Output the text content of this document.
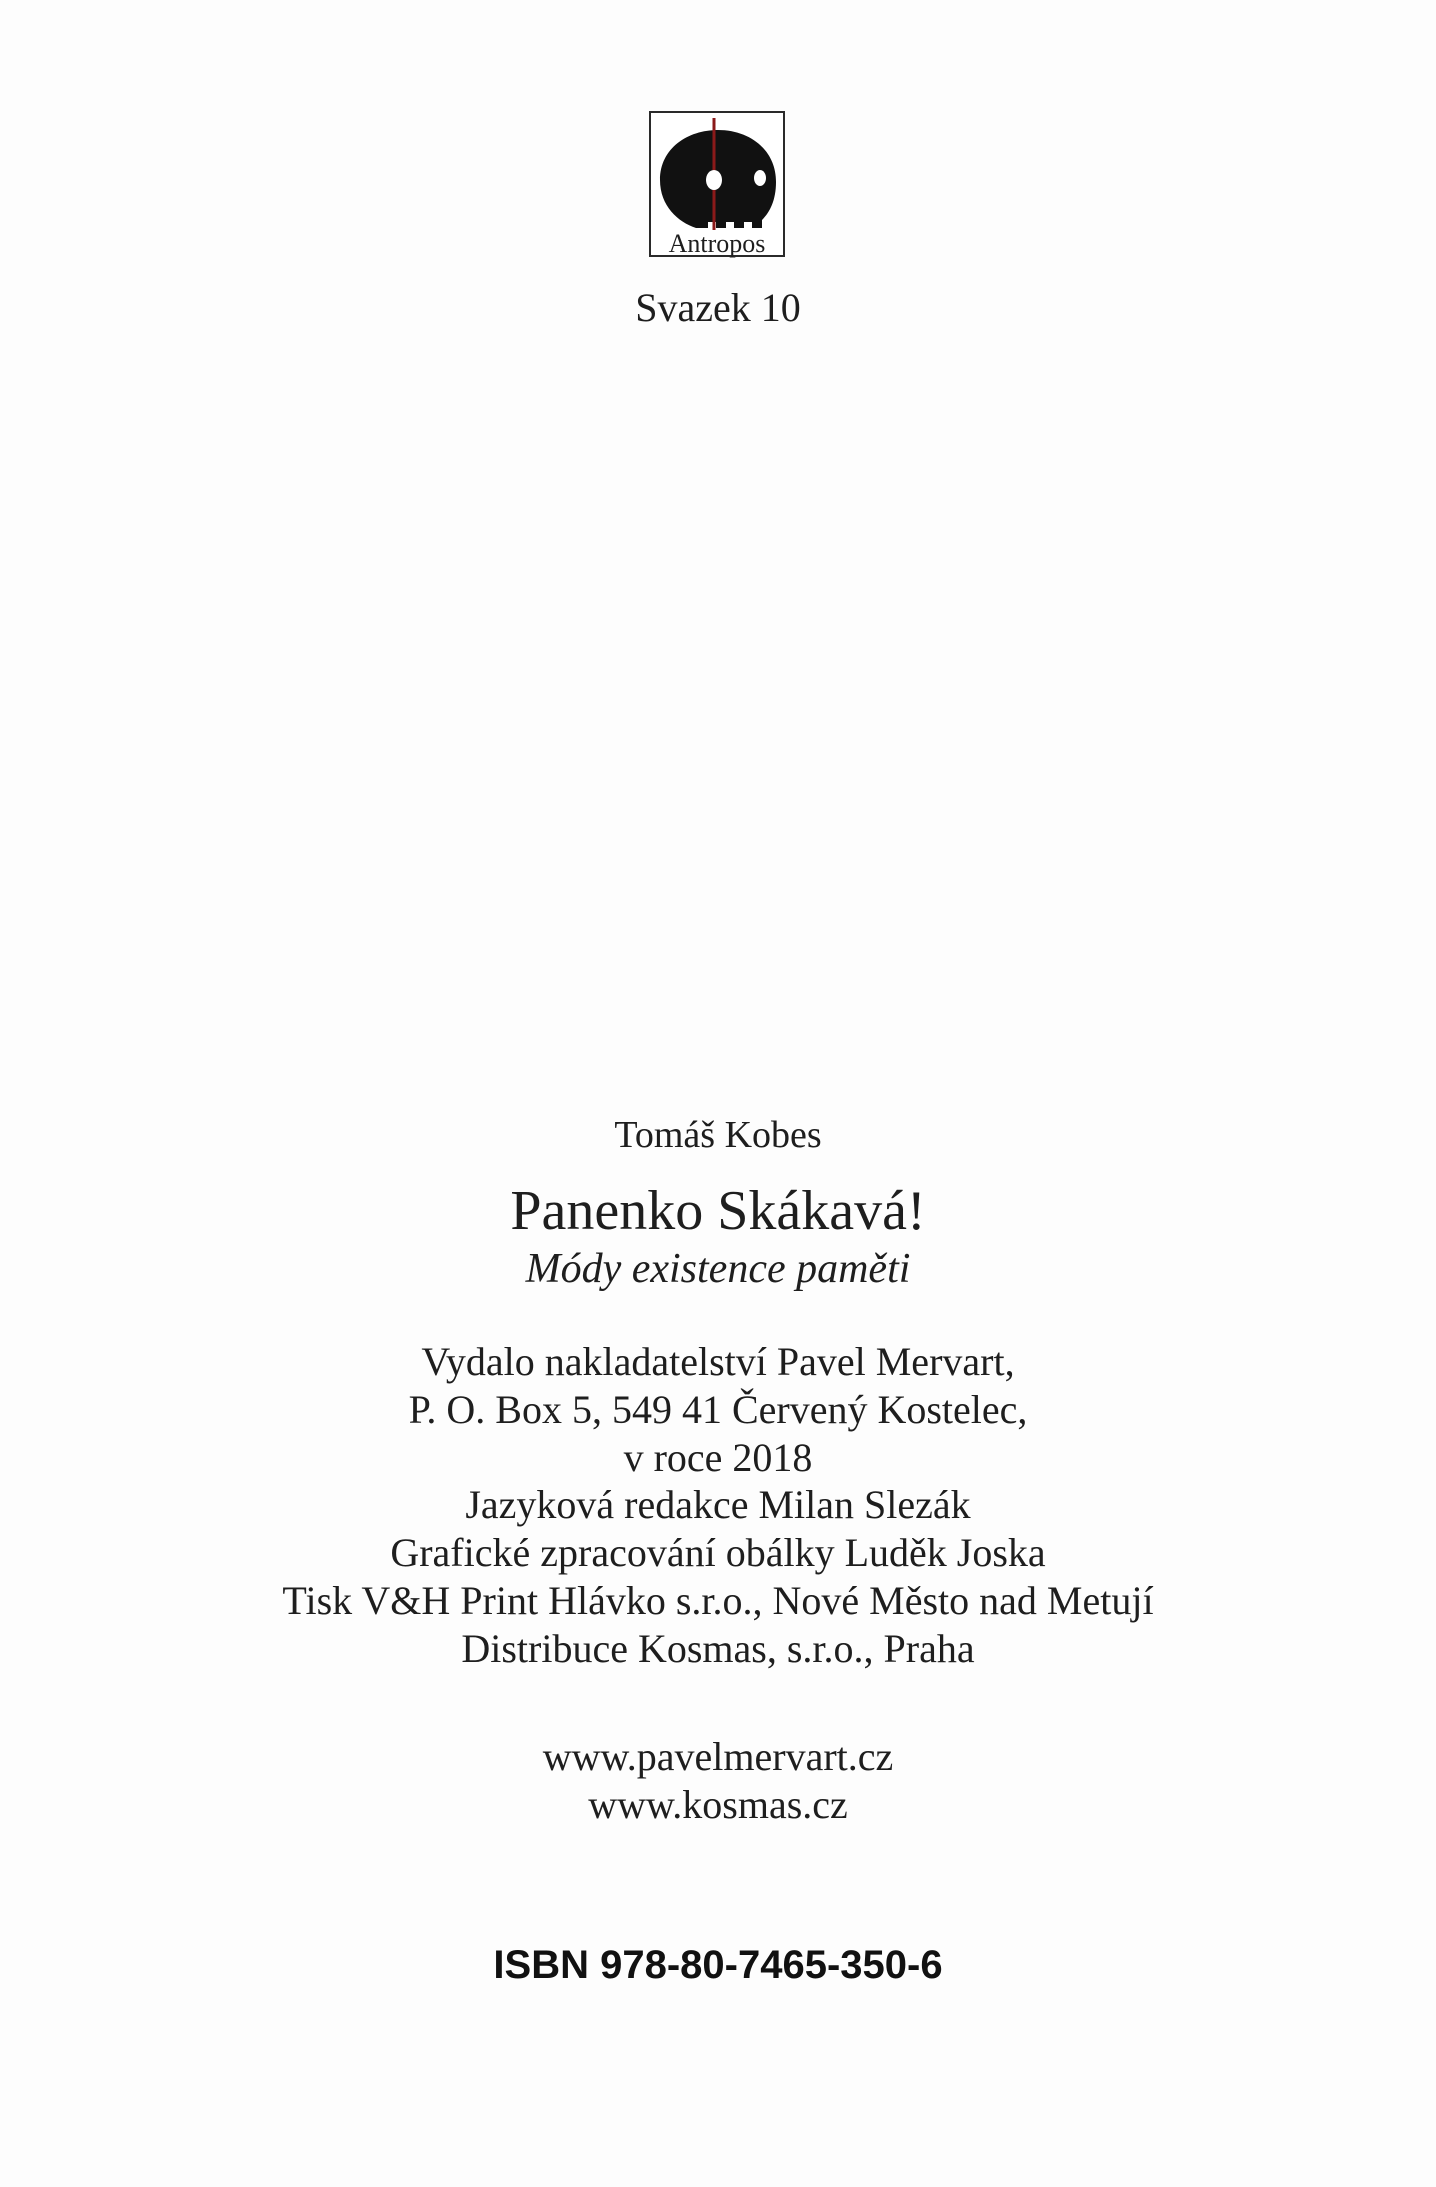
Antropos
Svazek 10
Tomáš Kobes
Panenko Skákavá!
Módy existence paměti
Vydalo nakladatelství Pavel Mervart,
P. O. Box 5, 549 41 Červený Kostelec,
v roce 2018
Jazyková redakce Milan Slezák
Grafické zpracování obálky Luděk Joska
Tisk V&H Print Hlávko s.r.o., Nové Město nad Metují
Distribuce Kosmas, s.r.o., Praha
www.pavelmervart.cz
www.kosmas.cz
ISBN 978-80-7465-350-6
